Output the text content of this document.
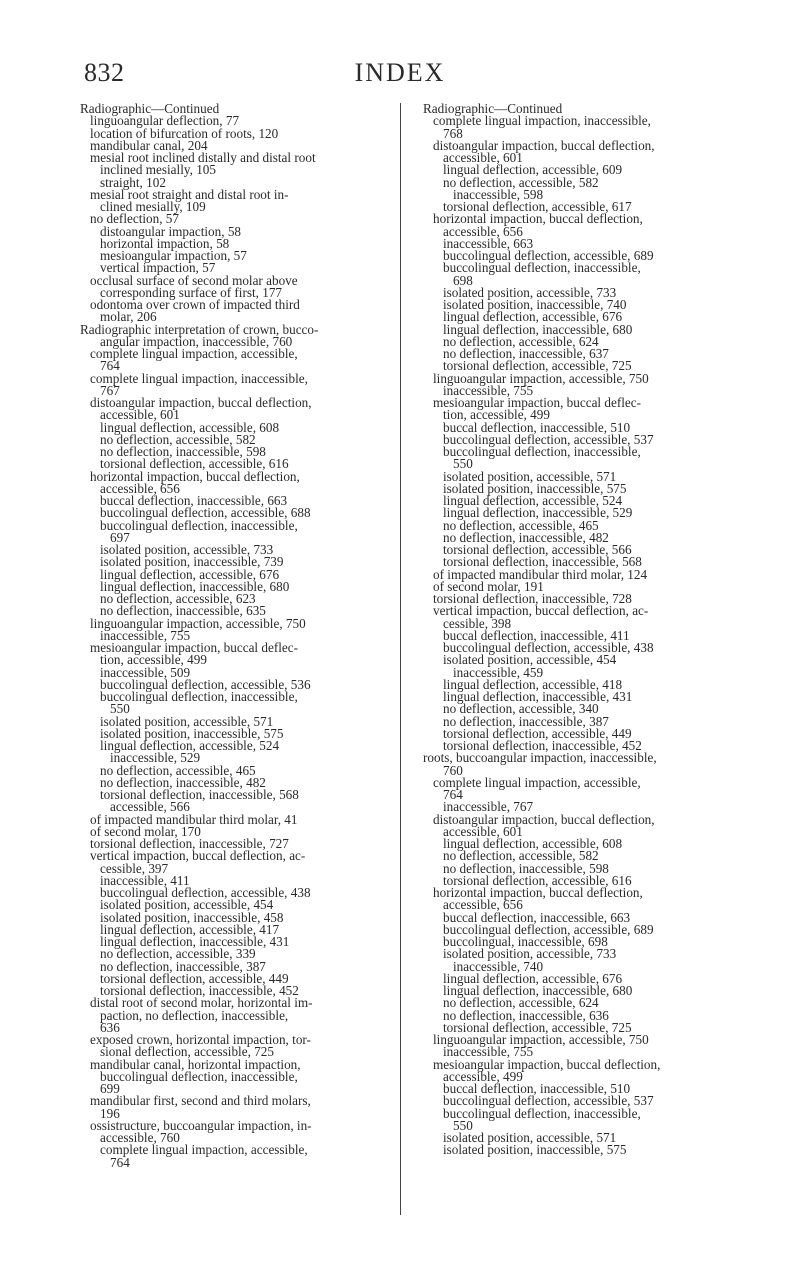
832	INDEX
Radiographic—Continued
linguoangular deflection, 77
location of bifurcation of roots, 120
mandibular canal, 204
mesial root inclined distally and distal root
inclined mesially, 105
straight, 102
mesial root straight and distal root in-
clined mesially, 109
no deflection, 57
distoangular impaction, 58
horizontal impaction, 58
mesioangular impaction, 57
vertical impaction, 57
occlusal surface of second molar above
corresponding surface of first, 177
odontoma over crown of impacted third
molar, 206
Radiographic interpretation of crown, bucco-
angular impaction, inaccessible, 760
complete lingual impaction, accessible,
764
complete lingual impaction, inaccessible,
767
distoangular impaction, buccal deflection,
accessible, 601
lingual deflection, accessible, 608
no deflection, accessible, 582
no deflection, inaccessible, 598
torsional deflection, accessible, 616
horizontal impaction, buccal deflection,
accessible, 656
buccal deflection, inaccessible, 663
buccolingual deflection, accessible, 688
buccolingual deflection, inaccessible,
697
isolated position, accessible, 733
isolated position, inaccessible, 739
lingual deflection, accessible, 676
lingual deflection, inaccessible, 680
no deflection, accessible, 623
no deflection, inaccessible, 635
linguoangular impaction, accessible, 750
inaccessible, 755
mesioangular impaction, buccal deflec-
tion, accessible, 499
inaccessible, 509
buccolingual deflection, accessible, 536
buccolingual deflection, inaccessible,
550
isolated position, accessible, 571
isolated position, inaccessible, 575
lingual deflection, accessible, 524
inaccessible, 529
no deflection, accessible, 465
no deflection, inaccessible, 482
torsional deflection, inaccessible, 568
accessible, 566
of impacted mandibular third molar, 41
of second molar, 170
torsional deflection, inaccessible, 727
vertical impaction, buccal deflection, ac-
cessible, 397
inaccessible, 411
buccolingual deflection, accessible, 438
isolated position, accessible, 454
isolated position, inaccessible, 458
lingual deflection, accessible, 417
lingual deflection, inaccessible, 431
no deflection, accessible, 339
no deflection, inaccessible, 387
torsional deflection, accessible, 449
torsional deflection, inaccessible, 452
distal root of second molar, horizontal im-
paction, no deflection, inaccessible,
636
exposed crown, horizontal impaction, tor-
sional deflection, accessible, 725
mandibular canal, horizontal impaction,
buccolingual deflection, inaccessible,
699
mandibular first, second and third molars,
196
ossistructure, buccoangular impaction, in-
accessible, 760
complete lingual impaction, accessible,
764
Radiographic—Continued
complete lingual impaction, inaccessible,
768
distoangular impaction, buccal deflection,
accessible, 601
lingual deflection, accessible, 609
no deflection, accessible, 582
inaccessible, 598
torsional deflection, accessible, 617
horizontal impaction, buccal deflection,
accessible, 656
inaccessible, 663
buccolingual deflection, accessible, 689
buccolingual deflection, inaccessible,
698
isolated position, accessible, 733
isolated position, inaccessible, 740
lingual deflection, accessible, 676
lingual deflection, inaccessible, 680
no deflection, accessible, 624
no deflection, inaccessible, 637
torsional deflection, accessible, 725
linguoangular impaction, accessible, 750
inaccessible, 755
mesioangular impaction, buccal deflec-
tion, accessible, 499
buccal deflection, inaccessible, 510
buccolingual deflection, accessible, 537
buccolingual deflection, inaccessible,
550
isolated position, accessible, 571
isolated position, inaccessible, 575
lingual deflection, accessible, 524
lingual deflection, inaccessible, 529
no deflection, accessible, 465
no deflection, inaccessible, 482
torsional deflection, accessible, 566
torsional deflection, inaccessible, 568
of impacted mandibular third molar, 124
of second molar, 191
torsional deflection, inaccessible, 728
vertical impaction, buccal deflection, ac-
cessible, 398
buccal deflection, inaccessible, 411
buccolingual deflection, accessible, 438
isolated position, accessible, 454
inaccessible, 459
lingual deflection, accessible, 418
lingual deflection, inaccessible, 431
no deflection, accessible, 340
no deflection, inaccessible, 387
torsional deflection, accessible, 449
torsional deflection, inaccessible, 452
roots, buccoangular impaction, inaccessible,
760
complete lingual impaction, accessible,
764
inaccessible, 767
distoangular impaction, buccal deflection,
accessible, 601
lingual deflection, accessible, 608
no deflection, accessible, 582
no deflection, inaccessible, 598
torsional deflection, accessible, 616
horizontal impaction, buccal deflection,
accessible, 656
buccal deflection, inaccessible, 663
buccolingual deflection, accessible, 689
buccolingual, inaccessible, 698
isolated position, accessible, 733
inaccessible, 740
lingual deflection, accessible, 676
lingual deflection, inaccessible, 680
no deflection, accessible, 624
no deflection, inaccessible, 636
torsional deflection, accessible, 725
linguoangular impaction, accessible, 750
inaccessible, 755
mesioangular impaction, buccal deflection,
accessible, 499
buccal deflection, inaccessible, 510
buccolingual deflection, accessible, 537
buccolingual deflection, inaccessible,
550
isolated position, accessible, 571
isolated position, inaccessible, 575
